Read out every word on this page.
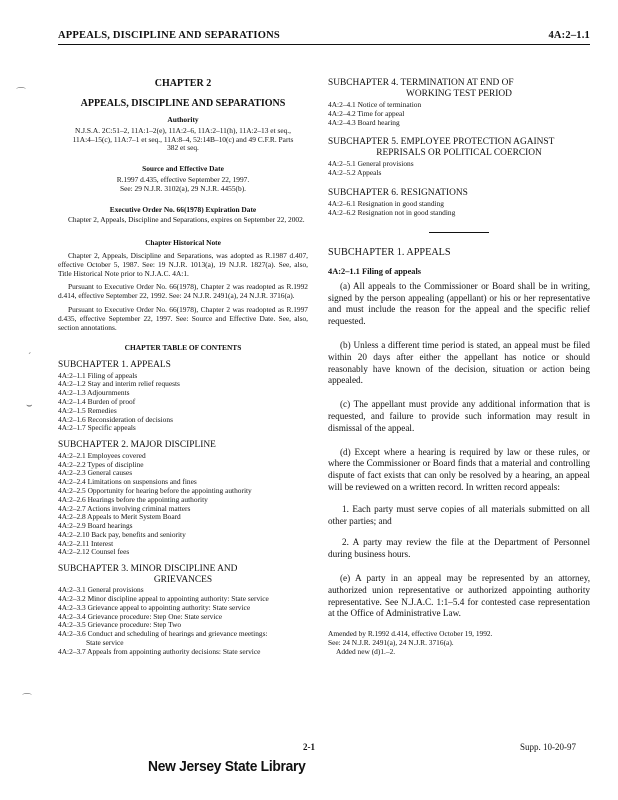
APPEALS, DISCIPLINE AND SEPARATIONS	4A:2–1.1
⌒
ˊ
⌣
⌒
CHAPTER 2
APPEALS, DISCIPLINE AND SEPARATIONS
Authority
N.J.S.A. 2C:51–2, 11A:1–2(e), 11A:2–6, 11A:2–11(h), 11A:2–13 et seq., 11A:4–15(c), 11A:7–1 et seq., 11A:8–4, 52:14B–10(c) and 49 C.F.R. Parts 382 et seq.
Source and Effective Date
R.1997 d.435, effective September 22, 1997.
See: 29 N.J.R. 3102(a), 29 N.J.R. 4455(b).
Executive Order No. 66(1978) Expiration Date

Chapter 2, Appeals, Discipline and Separations, expires on September 22, 2002.

Chapter Historical Note

Chapter 2, Appeals, Discipline and Separations, was adopted as R.1987 d.407, effective October 5, 1987. See: 19 N.J.R. 1013(a), 19 N.J.R. 1827(a). See, also, Title Historical Note prior to N.J.A.C. 4A:1.

Pursuant to Executive Order No. 66(1978), Chapter 2 was readopted as R.1992 d.414, effective September 22, 1992. See: 24 N.J.R. 2491(a), 24 N.J.R. 3716(a).

Pursuant to Executive Order No. 66(1978), Chapter 2 was readopted as R.1997 d.435, effective September 22, 1997. See: Source and Effective Date. See, also, section annotations.

CHAPTER TABLE OF CONTENTS
SUBCHAPTER 1. APPEALS
4A:2–1.1 Filing of appeals
4A:2–1.2 Stay and interim relief requests
4A:2–1.3 Adjournments
4A:2–1.4 Burden of proof
4A:2–1.5 Remedies
4A:2–1.6 Reconsideration of decisions
4A:2–1.7 Specific appeals
SUBCHAPTER 2. MAJOR DISCIPLINE
4A:2–2.1 Employees covered
4A:2–2.2 Types of discipline
4A:2–2.3 General causes
4A:2–2.4 Limitations on suspensions and fines
4A:2–2.5 Opportunity for hearing before the appointing authority
4A:2–2.6 Hearings before the appointing authority
4A:2–2.7 Actions involving criminal matters
4A:2–2.8 Appeals to Merit System Board
4A:2–2.9 Board hearings
4A:2–2.10 Back pay, benefits and seniority
4A:2–2.11 Interest
4A:2–2.12 Counsel fees
SUBCHAPTER 3. MINOR DISCIPLINE AND
GRIEVANCES
4A:2–3.1 General provisions
4A:2–3.2 Minor discipline appeal to appointing authority: State service
4A:2–3.3 Grievance appeal to appointing authority: State service
4A:2–3.4 Grievance procedure: Step One: State service
4A:2–3.5 Grievance procedure: Step Two
4A:2–3.6 Conduct and scheduling of hearings and grievance meetings:
State service
4A:2–3.7 Appeals from appointing authority decisions: State service
SUBCHAPTER 4. TERMINATION AT END OF
WORKING TEST PERIOD
4A:2–4.1 Notice of termination
4A:2–4.2 Time for appeal
4A:2–4.3 Board hearing
SUBCHAPTER 5. EMPLOYEE PROTECTION AGAINST
REPRISALS OR POLITICAL COERCION
4A:2–5.1 General provisions
4A:2–5.2 Appeals
SUBCHAPTER 6. RESIGNATIONS
4A:2–6.1 Resignation in good standing
4A:2–6.2 Resignation not in good standing
SUBCHAPTER 1. APPEALS
4A:2–1.1 Filing of appeals

(a) All appeals to the Commissioner or Board shall be in writing, signed by the person appealing (appellant) or his or her representative and must include the reason for the appeal and the specific relief requested.

(b) Unless a different time period is stated, an appeal must be filed within 20 days after either the appellant has notice or should reasonably have known of the decision, situation or action being appealed.

(c) The appellant must provide any additional information that is requested, and failure to provide such information may result in dismissal of the appeal.

(d) Except where a hearing is required by law or these rules, or where the Commissioner or Board finds that a material and controlling dispute of fact exists that can only be resolved by a hearing, an appeal will be reviewed on a written record. In written record appeals:

1. Each party must serve copies of all materials submitted on all other parties; and

2. A party may review the file at the Department of Personnel during business hours.

(e) A party in an appeal may be represented by an attorney, authorized union representative or authorized appointing authority representative. See N.J.A.C. 1:1–5.4 for contested case representation at the Office of Administrative Law.

Amended by R.1992 d.414, effective October 19, 1992.
See: 24 N.J.R. 2491(a), 24 N.J.R. 3716(a).
Added new (d)1.–2.
2-1	Supp. 10-20-97
New Jersey State Library
